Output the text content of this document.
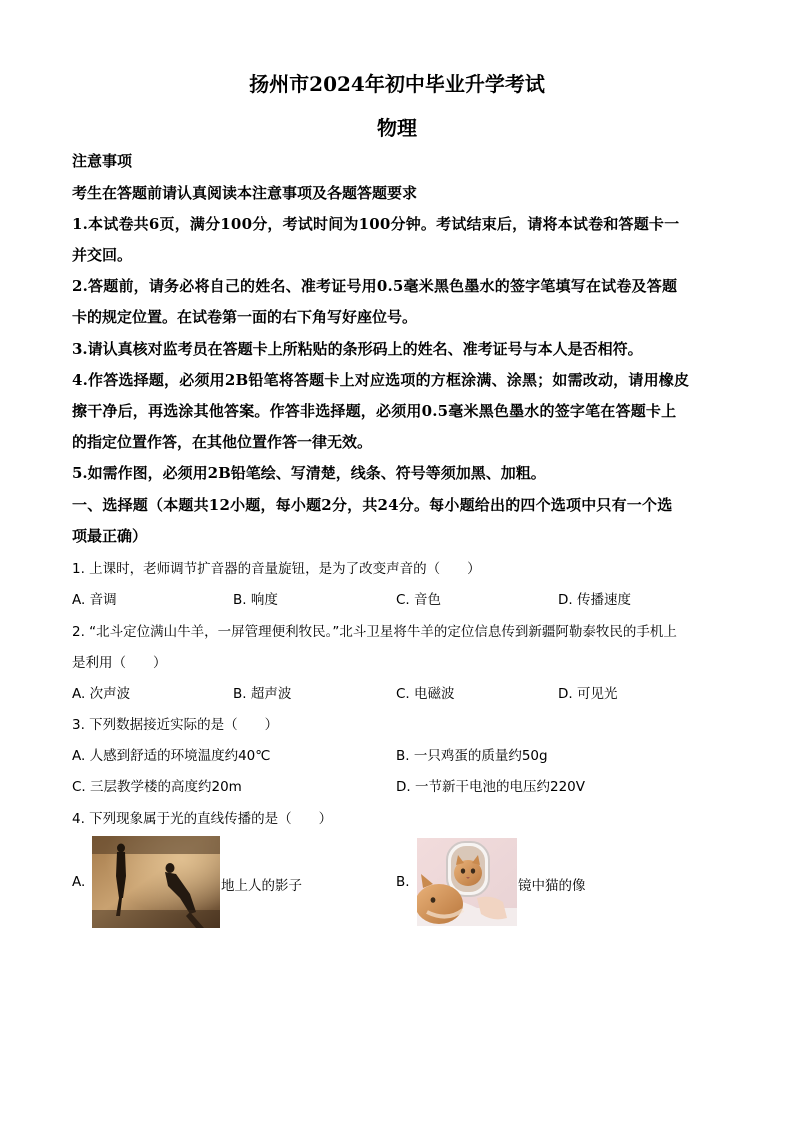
扬州市2024年初中毕业升学考试
物理
注意事项
考生在答题前请认真阅读本注意事项及各题答题要求
1.本试卷共6页，满分100分，考试时间为100分钟。考试结束后，请将本试卷和答题卡一
并交回。
2.答题前，请务必将自己的姓名、准考证号用0.5毫米黑色墨水的签字笔填写在试卷及答题
卡的规定位置。在试卷第一面的右下角写好座位号。
3.请认真核对监考员在答题卡上所粘贴的条形码上的姓名、准考证号与本人是否相符。
4.作答选择题，必须用2B铅笔将答题卡上对应选项的方框涂满、涂黑；如需改动，请用橡皮
擦干净后，再选涂其他答案。作答非选择题，必须用0.5毫米黑色墨水的签字笔在答题卡上
的指定位置作答，在其他位置作答一律无效。
5.如需作图，必须用2B铅笔绘、写清楚，线条、符号等须加黑、加粗。
一、选择题（本题共12小题，每小题2分，共24分。每小题给出的四个选项中只有一个选
项最正确）
1. 上课时，老师调节扩音器的音量旋钮，是为了改变声音的（　　）
A. 音调	B. 响度	C. 音色	D. 传播速度
2. “北斗定位满山牛羊，一屏管理便利牧民。”北斗卫星将牛羊的定位信息传到新疆阿勒泰牧民的手机上
是利用（　　）
A. 次声波	B. 超声波	C. 电磁波	D. 可见光
3. 下列数据接近实际的是（　　）
A. 人感到舒适的环境温度约40℃	B. 一只鸡蛋的质量约50g
C. 三层教学楼的高度约20m	D. 一节新干电池的电压约220V
4. 下列现象属于光的直线传播的是（　　）
A.	地上人的影子	B.	镜中猫的像
